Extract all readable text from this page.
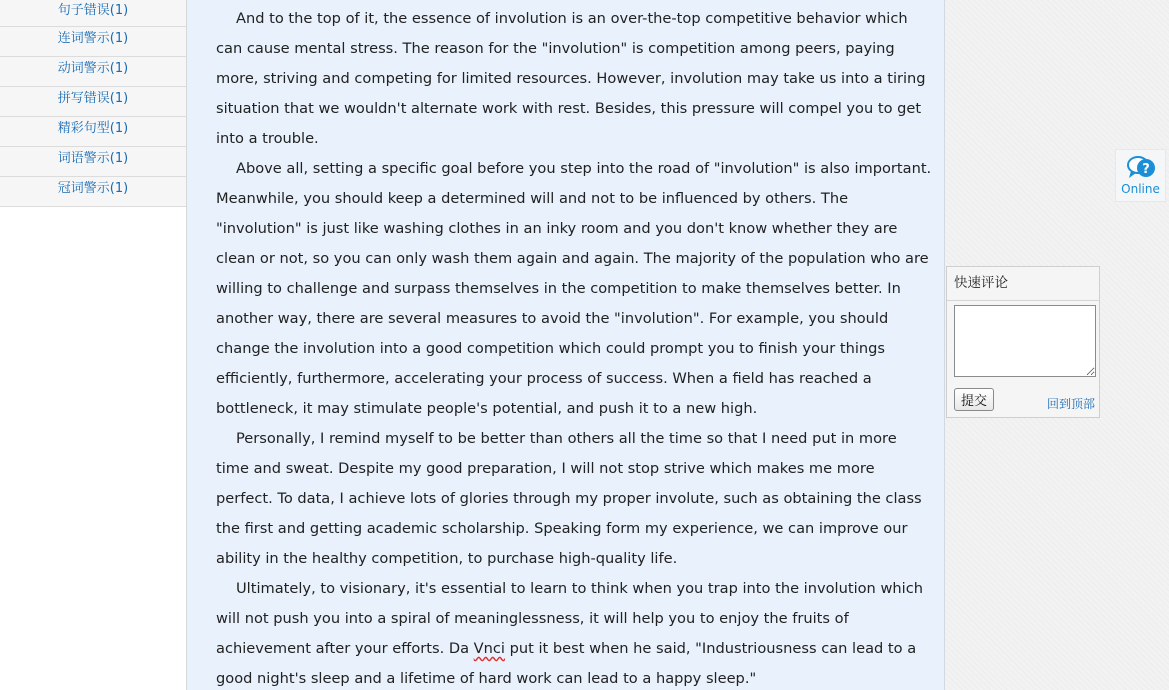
句子错误(1)
连词警示(1)
动词警示(1)
拼写错误(1)
精彩句型(1)
词语警示(1)
冠词警示(1)

And to the top of it, the essence of involution is an over-the-top competitive behavior which can cause mental stress. The reason for the "involution" is competition among peers, paying more, striving and competing for limited resources. However, involution may take us into a tiring situation that we wouldn't alternate work with rest. Besides, this pressure will compel you to get into a trouble.

Above all, setting a specific goal before you step into the road of "involution" is also important. Meanwhile, you should keep a determined will and not to be influenced by others. The "involution" is just like washing clothes in an inky room and you don't know whether they are clean or not, so you can only wash them again and again. The majority of the population who are willing to challenge and surpass themselves in the competition to make themselves better. In another way, there are several measures to avoid the "involution". For example, you should change the involution into a good competition which could prompt you to finish your things efficiently, furthermore, accelerating your process of success. When a field has reached a bottleneck, it may stimulate people's potential, and push it to a new high.

Personally, I remind myself to be better than others all the time so that I need put in more time and sweat. Despite my good preparation, I will not stop strive which makes me more perfect. To data, I achieve lots of glories through my proper involute, such as obtaining the class the first and getting academic scholarship. Speaking form my experience, we can improve our ability in the healthy competition, to purchase high-quality life.

Ultimately, to visionary, it's essential to learn to think when you trap into the involution which will not push you into a spiral of meaninglessness, it will help you to enjoy the fruits of achievement after your efforts. Da Vnci put it best when he said, "Industriousness can lead to a good night's sleep and a lifetime of hard work can lead to a happy sleep."

?
Online
快速评论
提交	回到顶部
